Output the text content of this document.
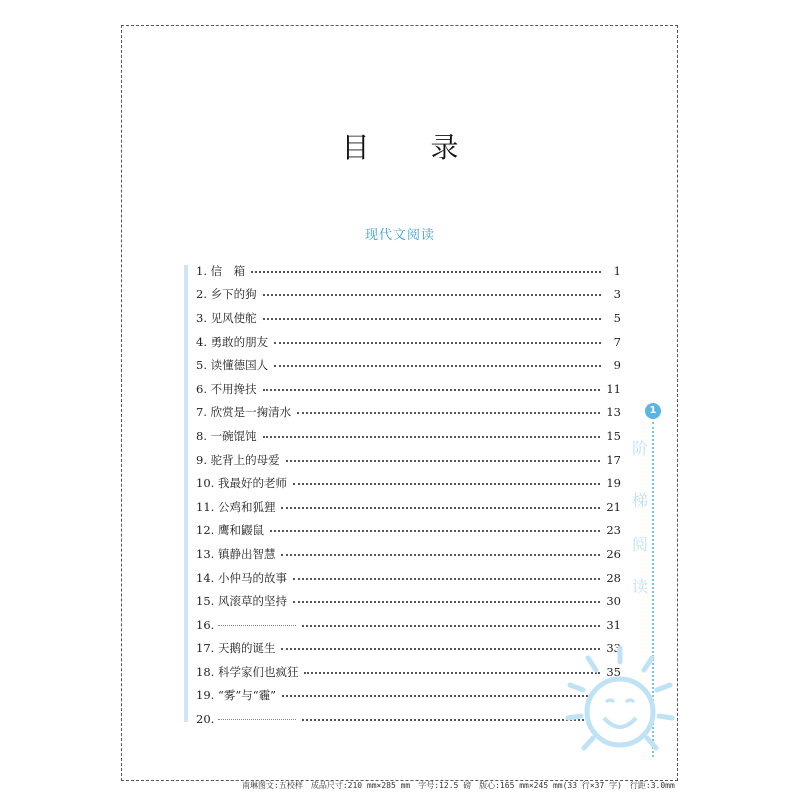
目 录
现代文阅读
1. 信　箱	1
2. 乡下的狗	3
3. 见风使舵	5
4. 勇敢的朋友	7
5. 读懂德国人	9
6. 不用搀扶	11
7. 欣赏是一掬清水	13
8. 一碗馄饨	15
9. 驼背上的母爱	17
10. 我最好的老师	19
11. 公鸡和狐狸	21
12. 鹰和鼹鼠	23
13. 镇静出智慧	26
14. 小仲马的故事	28
15. 风滚草的坚持	30
16.	31
17. 天鹅的诞生	33
18. 科学家们也疯狂	35
19. “雾”与“霾”
20.
1
阶
梯
阅
读
南琳图文:五校样　成品尺寸:210 mm×285 mm　字号:12.5 磅　版心:165 mm×245 mm(33 行×37 字)　行距:3.0mm
